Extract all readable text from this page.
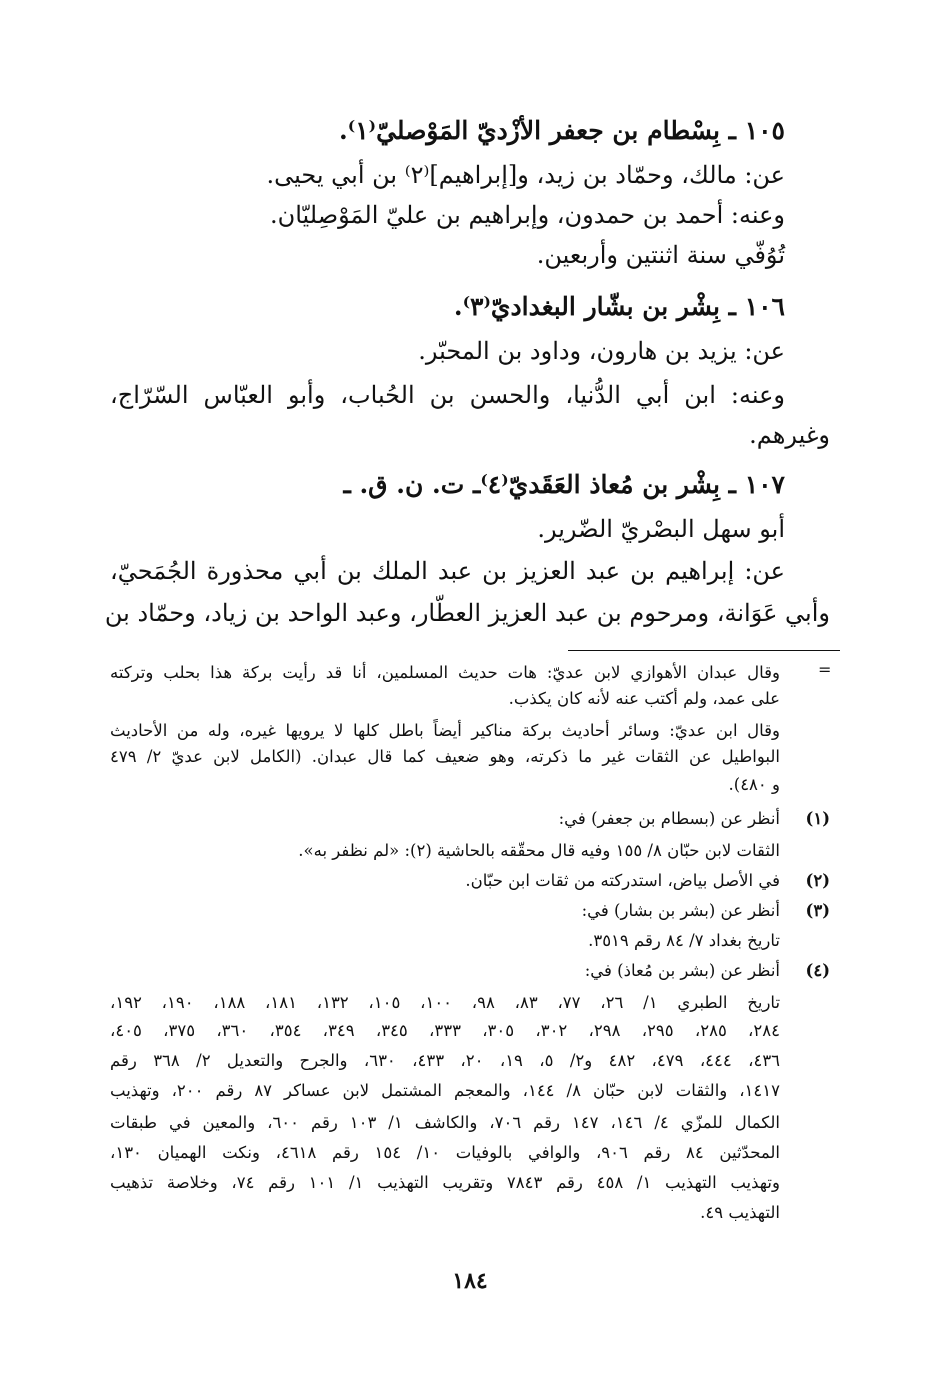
١٠٥ ـ بِسْطام بن جعفر الأزْديّ المَوْصليّ⁽١⁾.
عن: مالك، وحمّاد بن زيد، و[إبراهيم]⁽٢⁾ بن أبي يحيى.
وعنه: أحمد بن حمدون، وإبراهيم بن عليّ المَوْصِليّان.
تُوُفّي سنة اثنتين وأربعين.
١٠٦ ـ بِشْر بن بشّار البغداديّ⁽٣⁾.
عن: يزيد بن هارون، وداود بن المحبّر.
وعنه: ابن أبي الدُّنيا، والحسن بن الحُباب، وأبو العبّاس السّرّاج،
وغيرهم.
١٠٧ ـ بِشْر بن مُعاذ العَقَديّ⁽٤⁾ـ ت. ن. ق. ـ
أبو سهل البصْريّ الضّرير.
عن: إبراهيم بن عبد العزيز بن عبد الملك بن أبي محذورة الجُمَحيّ،
وأبي عَوَانة، ومرحوم بن عبد العزيز العطّار، وعبد الواحد بن زياد، وحمّاد بن
=
وقال عبدان الأهوازي لابن عديّ: هات حديث المسلمين، أنا قد رأيت بركة هذا بحلب وتركته
على عمد، ولم أكتب عنه لأنه كان يكذب.
وقال ابن عديّ: وسائر أحاديث بركة مناكير أيضاً باطل كلها لا يرويها غيره، وله من الأحاديث
البواطيل عن الثقات غير ما ذكرته، وهو ضعيف كما قال عبدان. (الكامل لابن عديّ ٢/ ٤٧٩
و ٤٨٠).
(١)
أنظر عن (بسطام بن جعفر) في:
الثقات لابن حبّان ٨/ ١٥٥ وفيه قال محقّقه بالحاشية (٢): «لم نظفر به».
(٢)
في الأصل بياض، استدركته من ثقات ابن حبّان.
(٣)
أنظر عن (بشر بن بشار) في:
تاريخ بغداد ٧/ ٨٤ رقم ٣٥١٩.
(٤)
أنظر عن (بشر بن مُعاذ) في:
تاريخ الطبري ١/ ٢٦، ٧٧، ٨٣، ٩٨، ١٠٠، ١٠٥، ١٣٢، ١٨١، ١٨٨، ١٩٠، ١٩٢،
٢٨٤، ٢٨٥، ٢٩٥، ٢٩٨، ٣٠٢، ٣٠٥، ٣٣٣، ٣٤٥، ٣٤٩، ٣٥٤، ٣٦٠، ٣٧٥، ٤٠٥،
٤٣٦، ٤٤٤، ٤٧٩، ٤٨٢ و٢/ ٥، ١٩، ٢٠، ٤٣٣، ٦٣٠، والجرح والتعديل ٢/ ٣٦٨ رقم
١٤١٧، والثقات لابن حبّان ٨/ ١٤٤، والمعجم المشتمل لابن عساكر ٨٧ رقم ٢٠٠، وتهذيب
الكمال للمزّي ٤/ ١٤٦، ١٤٧ رقم ٧٠٦، والكاشف ١/ ١٠٣ رقم ٦٠٠، والمعين في طبقات
المحدّثين ٨٤ رقم ٩٠٦، والوافي بالوفيات ١٠/ ١٥٤ رقم ٤٦١٨، ونكت الهميان ١٣٠،
وتهذيب التهذيب ١/ ٤٥٨ رقم ٧٨٤٣ وتقريب التهذيب ١/ ١٠١ رقم ٧٤، وخلاصة تذهيب
التهذيب ٤٩.
١٨٤
